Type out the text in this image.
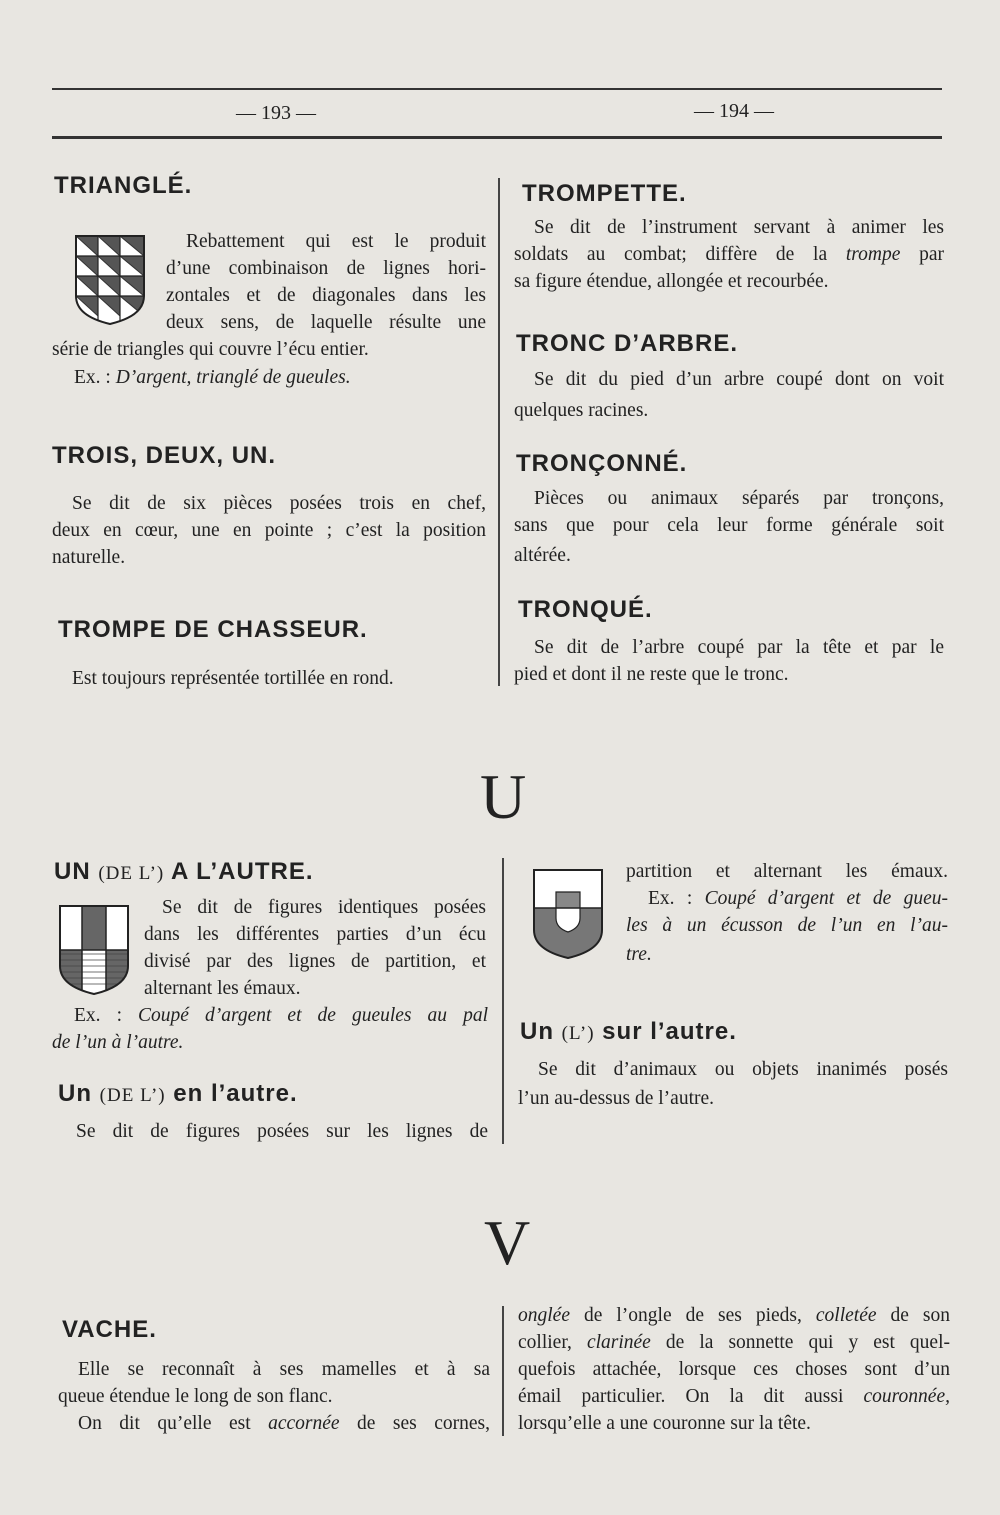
— 193 —	— 194 —
TRIANGLÉ.
Rebattement qui est le produit
d’une combinaison de lignes hori-
zontales et de diagonales dans les
deux sens, de laquelle résulte une
série de triangles qui couvre l’écu entier.
Ex. : D’argent, trianglé de gueules.
TROIS, DEUX, UN.
Se dit de six pièces posées trois en chef,
deux en cœur, une en pointe ; c’est la position
naturelle.
TROMPE DE CHASSEUR.
Est toujours représentée tortillée en rond.
TROMPETTE.
Se dit de l’instrument servant à animer les
soldats au combat; diffère de la trompe par
sa figure étendue, allongée et recourbée.
TRONC D’ARBRE.
Se dit du pied d’un arbre coupé dont on voit
quelques racines.
TRONÇONNÉ.
Pièces ou animaux séparés par tronçons,
sans que pour cela leur forme générale soit
altérée.
TRONQUÉ.
Se dit de l’arbre coupé par la tête et par le
pied et dont il ne reste que le tronc.
U
UN (DE L’) A L’AUTRE.
Se dit de figures identiques posées
dans les différentes parties d’un écu
divisé par des lignes de partition, et
alternant les émaux.
Ex. : Coupé d’argent et de gueules au pal
de l’un à l’autre.
Un (DE L’) en l’autre.
Se dit de figures posées sur les lignes de
partition et alternant les émaux.
Ex. : Coupé d’argent et de gueu-
les à un écusson de l’un en l’au-
tre.
Un (L’) sur l’autre.
Se dit d’animaux ou objets inanimés posés
l’un au-dessus de l’autre.
V
VACHE.
Elle se reconnaît à ses mamelles et à sa
queue étendue le long de son flanc.
On dit qu’elle est accornée de ses cornes,
onglée de l’ongle de ses pieds, colletée de son
collier, clarinée de la sonnette qui y est quel-
quefois attachée, lorsque ces choses sont d’un
émail particulier. On la dit aussi couronnée,
lorsqu’elle a une couronne sur la tête.
